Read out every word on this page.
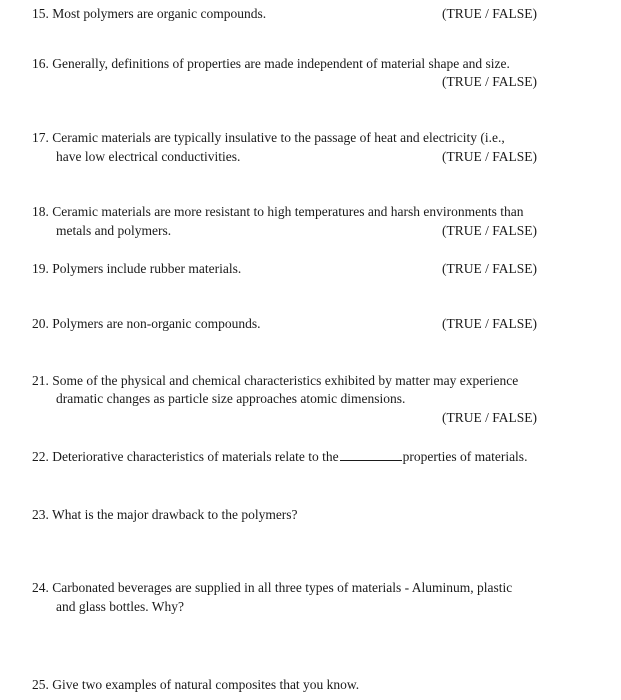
15. Most polymers are organic compounds.	(TRUE / FALSE)
16. Generally, definitions of properties are made independent of material shape and size.
(TRUE / FALSE)
17. Ceramic materials are typically insulative to the passage of heat and electricity (i.e.,
have low electrical conductivities.	(TRUE / FALSE)
18. Ceramic materials are more resistant to high temperatures and harsh environments than
metals and polymers.	(TRUE / FALSE)
19. Polymers include rubber materials.	(TRUE / FALSE)
20. Polymers are non-organic compounds.	(TRUE / FALSE)
21. Some of the physical and chemical characteristics exhibited by matter may experience
dramatic changes as particle size approaches atomic dimensions.
(TRUE / FALSE)
22. Deteriorative characteristics of materials relate to the	properties of materials.
23. What is the major drawback to the polymers?
24. Carbonated beverages are supplied in all three types of materials - Aluminum, plastic
and glass bottles. Why?
25. Give two examples of natural composites that you know.
